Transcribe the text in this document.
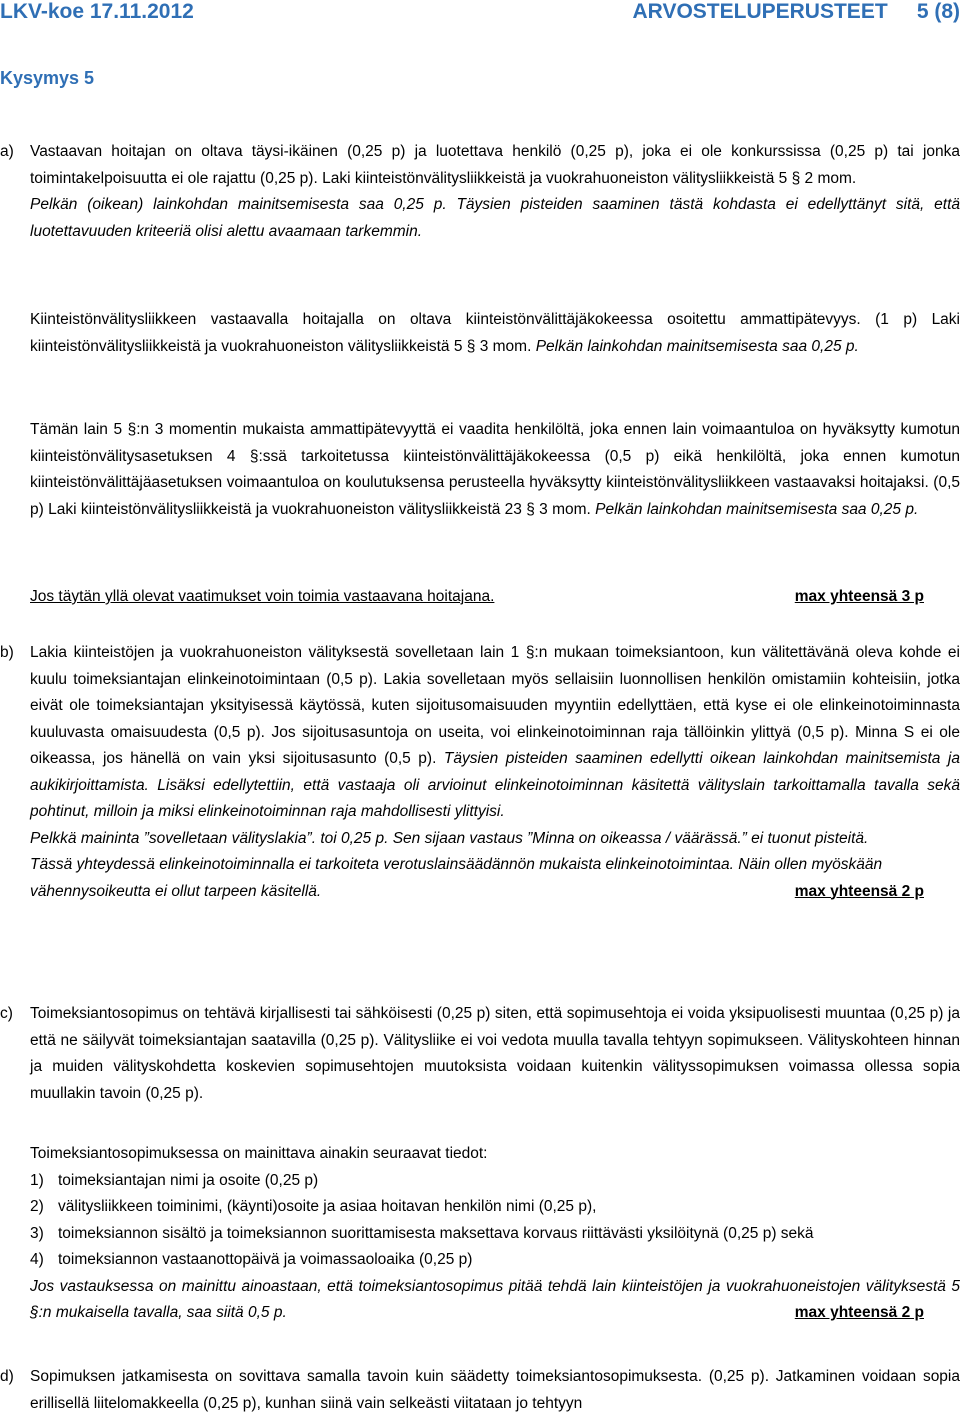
LKV-koe 17.11.2012	ARVOSTELUPERUSTEET     5 (8)
Kysymys 5
a) Vastaavan hoitajan on oltava täysi-ikäinen (0,25 p) ja luotettava henkilö (0,25 p), joka ei ole konkurssissa (0,25 p) tai jonka toimintakelpoisuutta ei ole rajattu (0,25 p). Laki kiinteistönvälitysliikkeistä ja vuokrahuoneiston välitysliikkeistä 5 § 2 mom.

Pelkän (oikean) lainkohdan mainitsemisesta saa 0,25 p. Täysien pisteiden saaminen tästä kohdasta ei edellyttänyt sitä, että luotettavuuden kriteeriä olisi alettu avaamaan tarkemmin.

Kiinteistönvälitysliikkeen vastaavalla hoitajalla on oltava kiinteistönvälittäjäkokeessa osoitettu ammattipätevyys. (1 p) Laki kiinteistönvälitysliikkeistä ja vuokrahuoneiston välitysliikkeistä 5 § 3 mom. Pelkän lainkohdan mainitsemisesta saa 0,25 p.

Tämän lain 5 §:n 3 momentin mukaista ammattipätevyyttä ei vaadita henkilöltä, joka ennen lain voimaantuloa on hyväksytty kumotun kiinteistönvälitysasetuksen 4 §:ssä tarkoitetussa kiinteistönvälittäjäkokeessa (0,5 p) eikä henkilöltä, joka ennen kumotun kiinteistönvälittäjäasetuksen voimaantuloa on koulutuksensa perusteella hyväksytty kiinteistönvälitysliikkeen vastaavaksi hoitajaksi. (0,5 p) Laki kiinteistönvälitysliikkeistä ja vuokrahuoneiston välitysliikkeistä 23 § 3 mom. Pelkän lainkohdan mainitsemisesta saa 0,25 p.

Jos täytän yllä olevat vaatimukset voin toimia vastaavana hoitajana.	max yhteensä 3 p
b) Lakia kiinteistöjen ja vuokrahuoneiston välityksestä sovelletaan lain 1 §:n mukaan toimeksiantoon, kun välitettävänä oleva kohde ei kuulu toimeksiantajan elinkeinotoimintaan (0,5 p). Lakia sovelletaan myös sellaisiin luonnollisen henkilön omistamiin kohteisiin, jotka eivät ole toimeksiantajan yksityisessä käytössä, kuten sijoitusomaisuuden myyntiin edellyttäen, että kyse ei ole elinkeinotoiminnasta kuuluvasta omaisuudesta (0,5 p). Jos sijoitusasuntoja on useita, voi elinkeinotoiminnan raja tällöinkin ylittyä (0,5 p). Minna S ei ole oikeassa, jos hänellä on vain yksi sijoitusasunto (0,5 p). Täysien pisteiden saaminen edellytti oikean lainkohdan mainitsemista ja aukikirjoittamista. Lisäksi edellytettiin, että vastaaja oli arvioinut elinkeinotoiminnan käsitettä välityslain tarkoittamalla tavalla sekä pohtinut, milloin ja miksi elinkeinotoiminnan raja mahdollisesti ylittyisi.

Pelkkä maininta ”sovelletaan välityslakia”. toi 0,25 p. Sen sijaan vastaus ”Minna on oikeassa / väärässä.” ei tuonut pisteitä.

Tässä yhteydessä elinkeinotoiminnalla ei tarkoiteta verotuslainsäädännön mukaista elinkeinotoimintaa. Näin ollen myöskään vähennysoikeutta ei ollut tarpeen käsitellä.	max yhteensä 2 p

c) Toimeksiantosopimus on tehtävä kirjallisesti tai sähköisesti (0,25 p) siten, että sopimusehtoja ei voida yksipuolisesti muuntaa (0,25 p) ja että ne säilyvät toimeksiantajan saatavilla (0,25 p). Välitysliike ei voi vedota muulla tavalla tehtyyn sopimukseen. Välityskohteen hinnan ja muiden välityskohdetta koskevien sopimusehtojen muutoksista voidaan kuitenkin välityssopimuksen voimassa ollessa sopia muullakin tavoin (0,25 p).

Toimeksiantosopimuksessa on mainittava ainakin seuraavat tiedot:

1) toimeksiantajan nimi ja osoite (0,25 p)
2) välitysliikkeen toiminimi, (käynti)osoite ja asiaa hoitavan henkilön nimi (0,25 p),
3) toimeksiannon sisältö ja toimeksiannon suorittamisesta maksettava korvaus riittävästi yksilöitynä (0,25 p) sekä
4) toimeksiannon vastaanottopäivä ja voimassaoloaika (0,25 p)

Jos vastauksessa on mainittu ainoastaan, että toimeksiantosopimus pitää tehdä lain kiinteistöjen ja vuokrahuoneistojen välityksestä 5 §:n mukaisella tavalla, saa siitä 0,5 p.	max yhteensä 2 p

d) Sopimuksen jatkamisesta on sovittava samalla tavoin kuin säädetty toimeksiantosopimuksesta. (0,25 p). Jatkaminen voidaan sopia erillisellä liitelomakkeella (0,25 p), kunhan siinä vain selkeästi viitataan jo tehtyyn
